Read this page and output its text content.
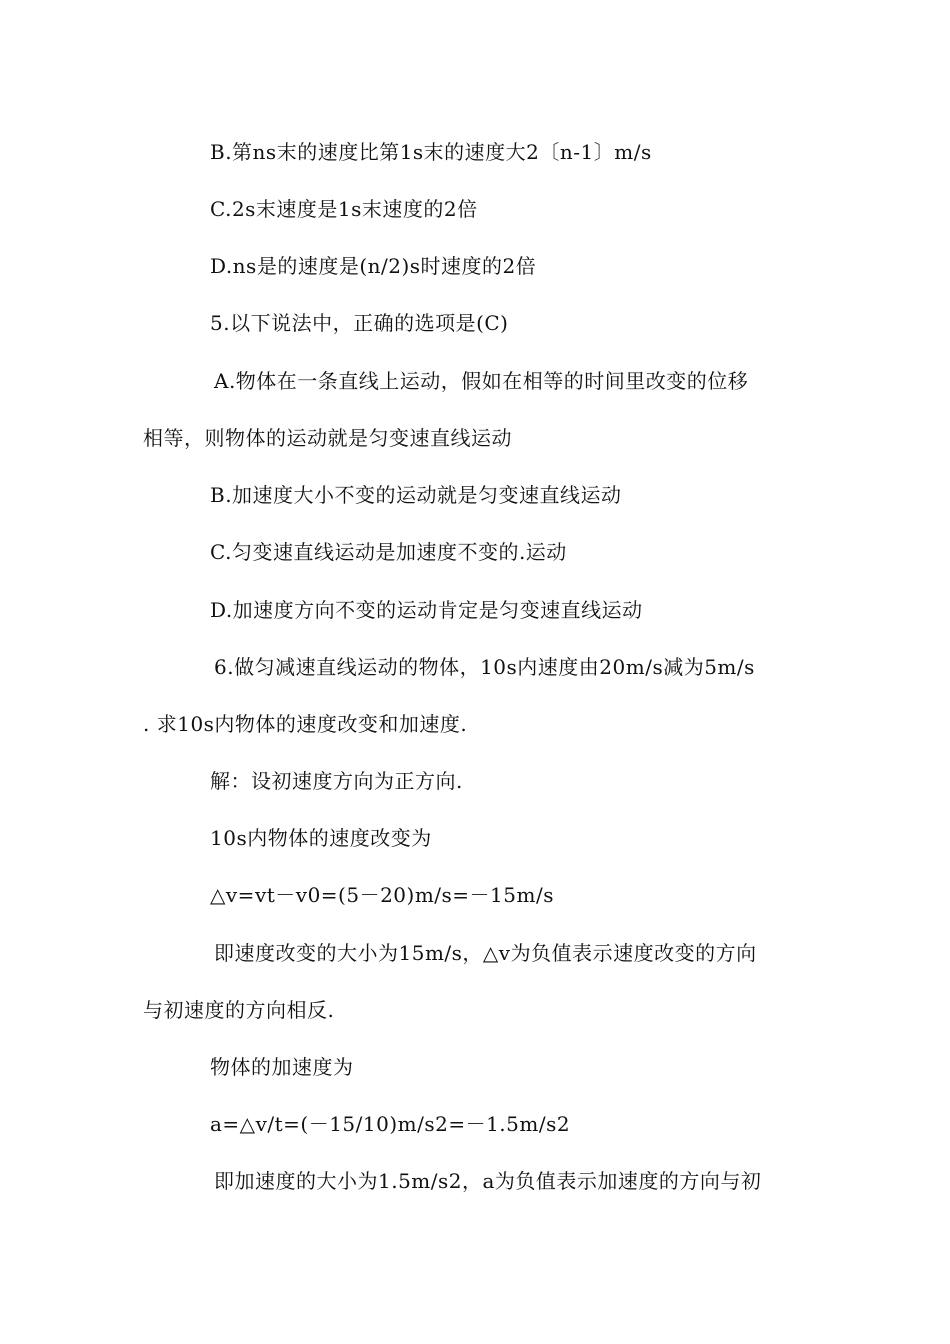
B.第ns末的速度比第1s末的速度大2〔n-1〕m/s
C.2s末速度是1s末速度的2倍
D.ns是的速度是(n/2)s时速度的2倍
5.以下说法中，正确的选项是(C)
A.物体在一条直线上运动，假如在相等的时间里改变的位移
相等，则物体的运动就是匀变速直线运动
B.加速度大小不变的运动就是匀变速直线运动
C.匀变速直线运动是加速度不变的.运动
D.加速度方向不变的运动肯定是匀变速直线运动
6.做匀减速直线运动的物体，10s内速度由20m/s减为5m/s
. 求10s内物体的速度改变和加速度.
解：设初速度方向为正方向.
10s内物体的速度改变为
△v=vt－v0=(5－20)m/s=－15m/s
即速度改变的大小为15m/s，△v为负值表示速度改变的方向
与初速度的方向相反.
物体的加速度为
a=△v/t=(－15/10)m/s2=－1.5m/s2
即加速度的大小为1.5m/s2，a为负值表示加速度的方向与初
